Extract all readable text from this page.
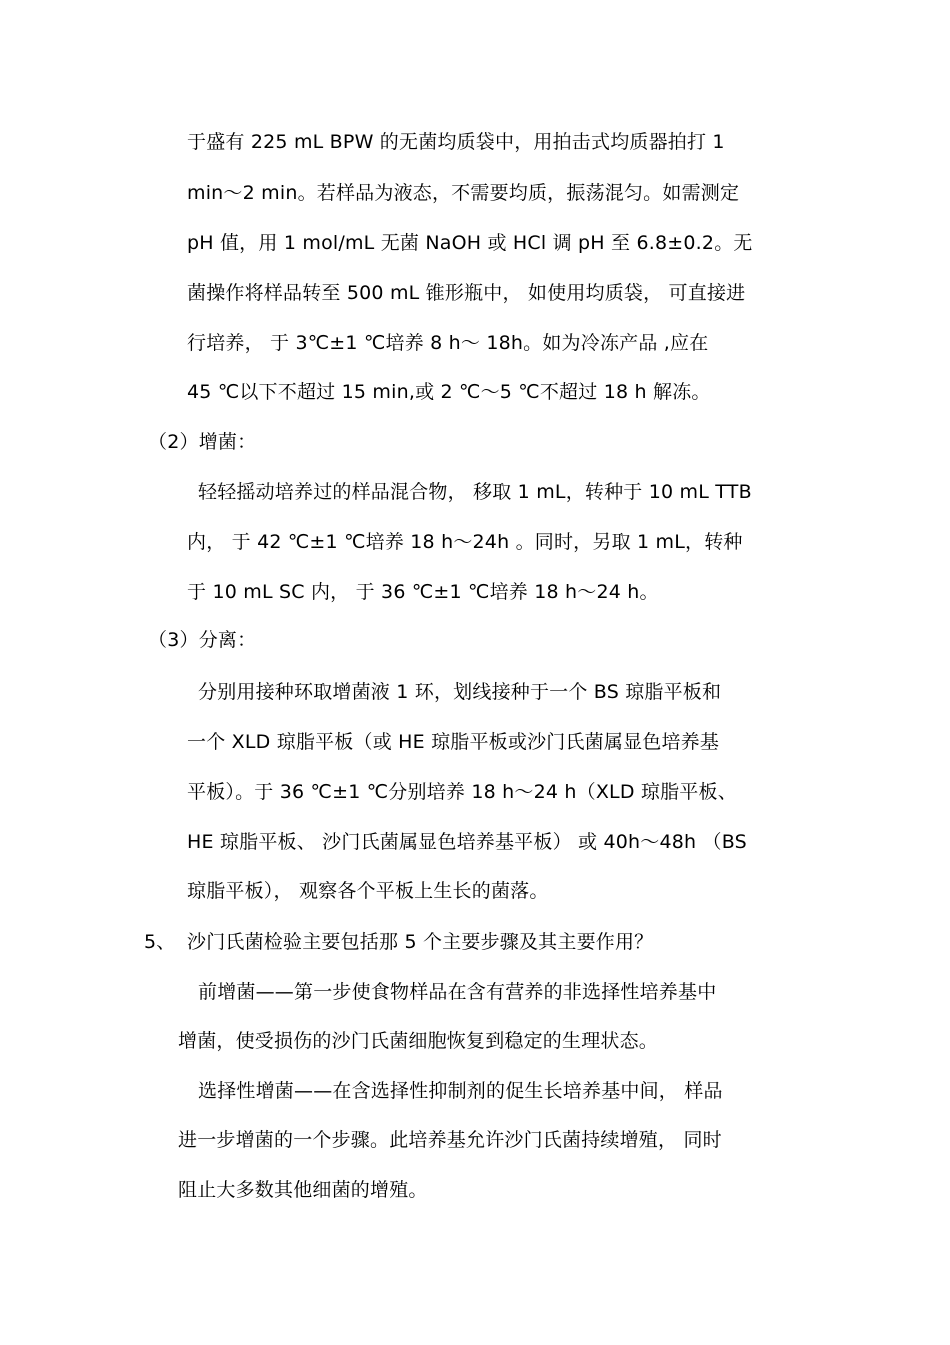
于盛有 225 mL BPW 的无菌均质袋中，用拍击式均质器拍打 1
min～2 min。若样品为液态，不需要均质，振荡混匀。如需测定
pH 值，用 1 mol/mL 无菌 NaOH 或 HCl 调 pH 至 6.8±0.2。无
菌操作将样品转至 500 mL 锥形瓶中， 如使用均质袋， 可直接进
行培养， 于 3℃±1 ℃培养 8 h～ 18h。如为冷冻产品 ,应在
45 ℃以下不超过 15 min,或 2 ℃～5 ℃不超过 18 h 解冻。
（2）增菌：
轻轻摇动培养过的样品混合物， 移取 1 mL，转种于 10 mL TTB
内， 于 42 ℃±1 ℃培养 18 h～24h 。同时，另取 1 mL，转种
于 10 mL SC 内， 于 36 ℃±1 ℃培养 18 h～24 h。
（3）分离：
分别用接种环取增菌液 1 环，划线接种于一个 BS 琼脂平板和
一个 XLD 琼脂平板（或 HE 琼脂平板或沙门氏菌属显色培养基
平板）。于 36 ℃±1 ℃分别培养 18 h～24 h（XLD 琼脂平板、
HE 琼脂平板、 沙门氏菌属显色培养基平板） 或 40h～48h （BS
琼脂平板）， 观察各个平板上生长的菌落。
5、 沙门氏菌检验主要包括那 5 个主要步骤及其主要作用？
前增菌——第一步使食物样品在含有营养的非选择性培养基中
增菌，使受损伤的沙门氏菌细胞恢复到稳定的生理状态。
选择性增菌——在含选择性抑制剂的促生长培养基中间， 样品
进一步增菌的一个步骤。此培养基允许沙门氏菌持续增殖， 同时
阻止大多数其他细菌的增殖。
